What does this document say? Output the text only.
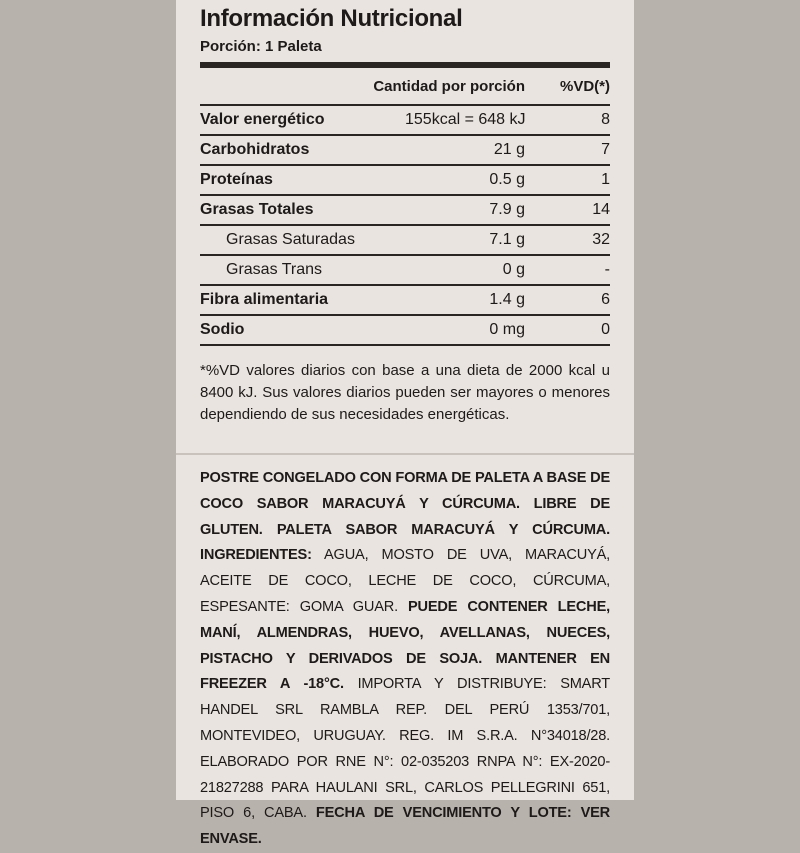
Información Nutricional
Porción: 1 Paleta
Cantidad por porción	%VD(*)
Valor energético	155kcal = 648 kJ	8
Carbohidratos	21 g	7
Proteínas	0.5 g	1
Grasas Totales	7.9 g	14
Grasas Saturadas	7.1 g	32
Grasas Trans	0 g	-
Fibra alimentaria	1.4 g	6
Sodio	0 mg	0
*%VD valores diarios con base a una dieta de 2000 kcal u 8400 kJ. Sus valores diarios pueden ser mayores o menores dependiendo de sus necesidades energéticas.

POSTRE CONGELADO CON FORMA DE PALETA A BASE DE COCO SABOR MARACUYÁ Y CÚRCUMA. LIBRE DE GLUTEN. PALETA SABOR MARACUYÁ Y CÚRCUMA. INGREDIENTES: AGUA, MOSTO DE UVA, MARACUYÁ, ACEITE DE COCO, LECHE DE COCO, CÚRCUMA, ESPESANTE: GOMA GUAR. PUEDE CONTENER LECHE, MANÍ, ALMENDRAS, HUEVO, AVELLANAS, NUECES, PISTACHO Y DERIVADOS DE SOJA. MANTENER EN FREEZER A -18°C. IMPORTA Y DISTRIBUYE: SMART HANDEL SRL RAMBLA REP. DEL PERÚ 1353/701, MONTEVIDEO, URUGUAY. REG. IM S.R.A. N°34018/28. ELABORADO POR RNE N°: 02-035203 RNPA N°: EX-2020-21827288 PARA HAULANI SRL, CARLOS PELLEGRINI 651, PISO 6, CABA. FECHA DE VENCIMIENTO Y LOTE: VER ENVASE.
